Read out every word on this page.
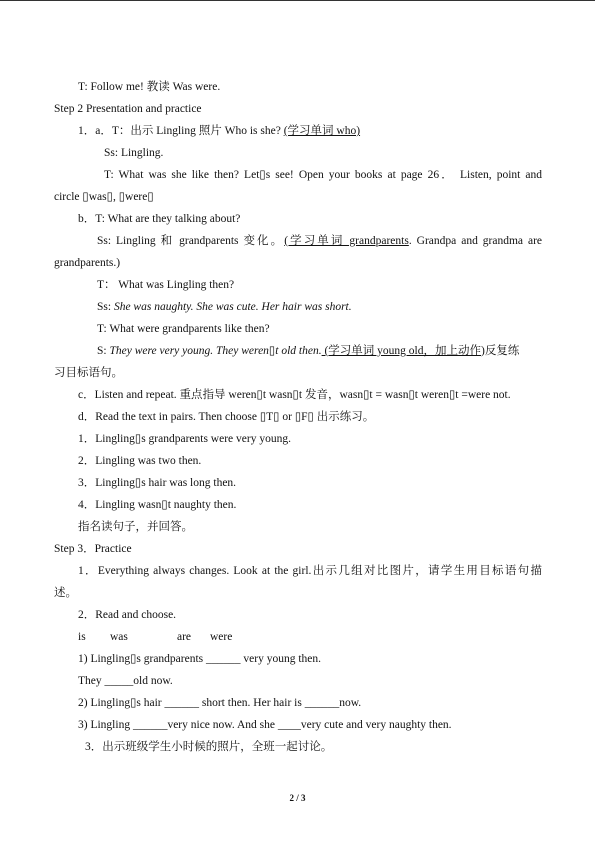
T: Follow me! 教读 Was were.
Step 2 Presentation and practice
1．a．T：出示 Lingling 照片 Who is she? (学习单词 who)
Ss: Lingling.
T: What was she like then? Let▯s see! Open your books at page 26． Listen, point and
circle ▯was▯, ▯were▯
b．T: What are they talking about?
Ss: Lingling 和 grandparents 变化。(学习单词 grandparents. Grandpa and grandma are
grandparents.)
T： What was Lingling then?
Ss: She was naughty. She was cute. Her hair was short.
T: What were grandparents like then?
S: They were very young. They weren▯t old then. (学习单词 young old，加上动作)反复练
习目标语句。
c．Listen and repeat. 重点指导 weren▯t wasn▯t 发音，wasn▯t = wasn▯t weren▯t =were not.
d．Read the text in pairs. Then choose ▯T▯ or ▯F▯ 出示练习。
1．Lingling▯s grandparents were very young.
2．Lingling was two then.
3．Lingling▯s hair was long then.
4．Lingling wasn▯t naughty then.
指名读句子，并回答。
Step 3．Practice
1．Everything always changes. Look at the girl.出示几组对比图片，请学生用目标语句描
述。
2．Read and choose.
is was	are were
1) Lingling▯s grandparents ______ very young then.
They _____old now.
2) Lingling▯s hair ______ short then. Her hair is ______now.
3) Lingling ______very nice now. And she ____very cute and very naughty then.
3．出示班级学生小时候的照片，全班一起讨论。
2 / 3
